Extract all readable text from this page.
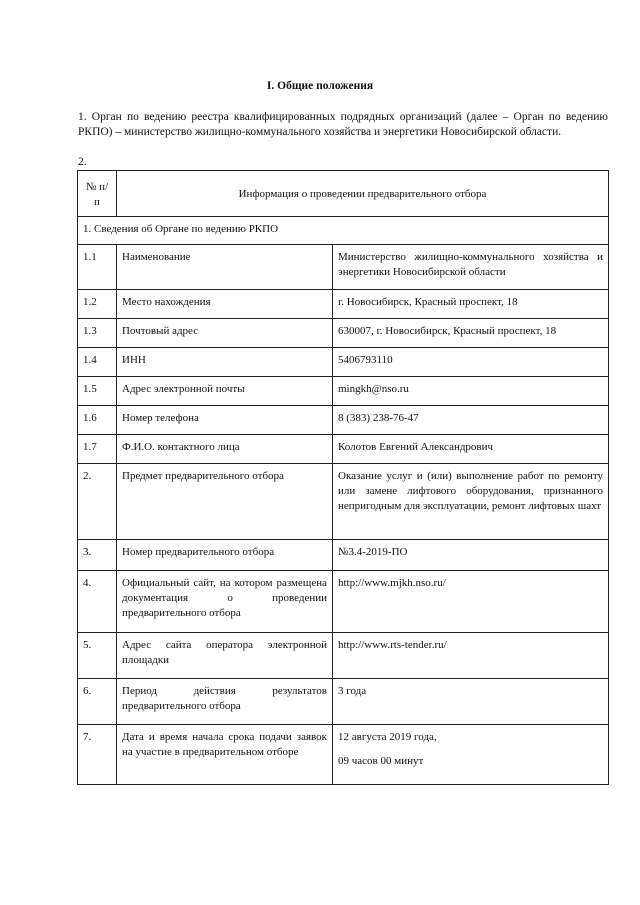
I. Общие положения

1. Орган по ведению реестра квалифицированных подрядных организаций (далее – Орган по ведению РКПО) – министерство жилищно-коммунального хозяйства и энергетики Новосибирской области.

2.
№ п/п	Информация о проведении предварительного отбора	
1. Сведения об Органе по ведению РКПО		
1.1	Наименование	Министерство жилищно-коммунального хозяйства и энергетики Новосибирской области
1.2	Место нахождения	г. Новосибирск, Красный проспект, 18
1.3	Почтовый адрес	630007, г. Новосибирск, Красный проспект, 18
1.4	ИНН	5406793110
1.5	Адрес электронной почты	mingkh@nso.ru
1.6	Номер телефона	8 (383) 238-76-47
1.7	Ф.И.О. контактного лица	Колотов Евгений Александрович
2.	Предмет предварительного отбора	Оказание услуг и (или) выполнение работ по ремонту или замене лифтового оборудования, признанного непригодным для эксплуатации, ремонт лифтовых шахт
3.	Номер предварительного отбора	№3.4-2019-ПО
4.	Официальный сайт, на котором размещена документация о проведении предварительного отбора	http://www.mjkh.nso.ru/
5.	Адрес сайта оператора электронной площадки	http://www.rts-tender.ru/
6.	Период действия результатов предварительного отбора	3 года
7.	Дата и время начала срока подачи заявок на участие в предварительном отборе	12 августа 2019 года,
09 часов 00 минут
